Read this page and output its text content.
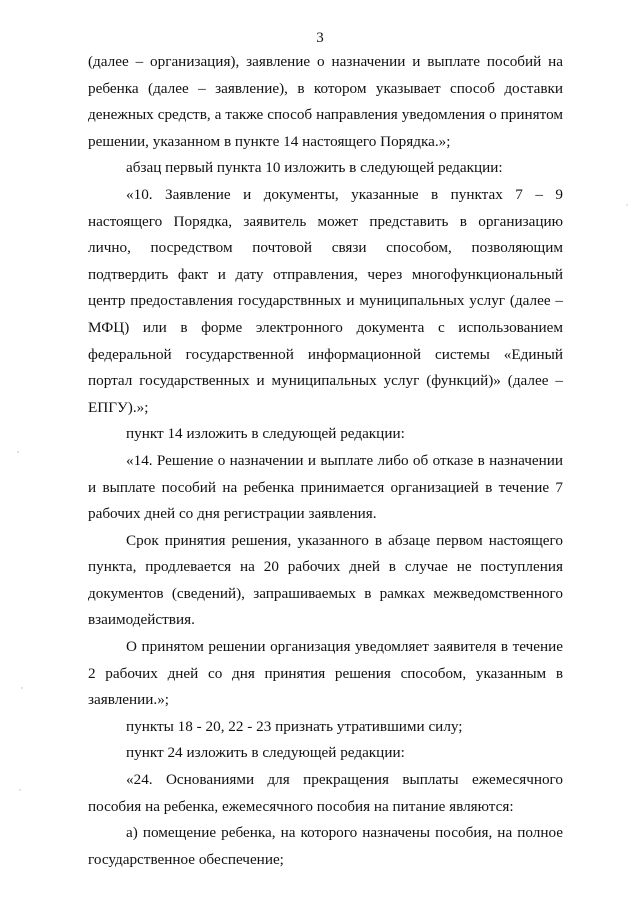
3

(далее – организация), заявление о назначении и выплате пособий на ребенка (далее – заявление), в котором указывает способ доставки денежных средств, а также способ направления уведомления о принятом решении, указанном в пункте 14 настоящего Порядка.»;

абзац первый пункта 10 изложить в следующей редакции:

«10. Заявление и документы, указанные в пунктах 7 – 9 настоящего Порядка, заявитель может представить в организацию лично, посредством почтовой связи способом, позволяющим подтвердить факт и дату отправления, через многофункциональный центр предоставления государствнных и муниципальных услуг (далее – МФЦ) или в форме электронного документа с использованием федеральной государственной информационной системы «Единый портал государственных и муниципальных услуг (функций)» (далее – ЕПГУ).»;

пункт 14 изложить в следующей редакции:

«14. Решение о назначении и выплате либо об отказе в назначении и выплате пособий на ребенка принимается организацией в течение 7 рабочих дней со дня регистрации заявления.

Срок принятия решения, указанного в абзаце первом настоящего пункта, продлевается на 20 рабочих дней в случае не поступления документов (сведений), запрашиваемых в рамках межведомственного взаимодействия.

О принятом решении организация уведомляет заявителя в течение 2 рабочих дней со дня принятия решения способом, указанным в заявлении.»;

пункты 18 - 20, 22 - 23 признать утратившими силу;

пункт 24 изложить в следующей редакции:

«24. Основаниями для прекращения выплаты ежемесячного пособия на ребенка, ежемесячного пособия на питание являются:

а) помещение ребенка, на которого назначены пособия, на полное государственное обеспечение;
